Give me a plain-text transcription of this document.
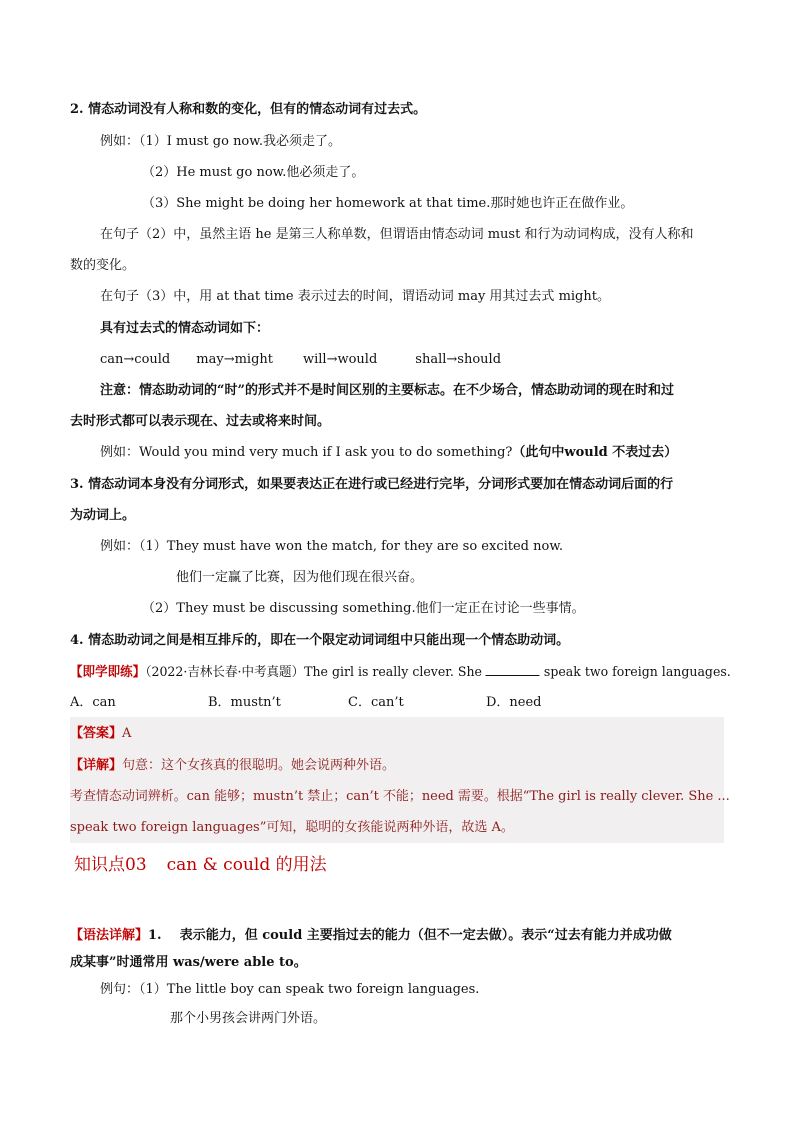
2. 情态动词没有人称和数的变化，但有的情态动词有过去式。
例如：（1）I must go now.我必须走了。
（2）He must go now.他必须走了。
（3）She might be doing her homework at that time.那时她也许正在做作业。
在句子（2）中，虽然主语 he 是第三人称单数，但谓语由情态动词 must 和行为动词构成，没有人称和
数的变化。
在句子（3）中，用 at that time 表示过去的时间，谓语动词 may 用其过去式 might。
具有过去式的情态动词如下：
can→could may→might will→would	shall→should
注意：情态助动词的“时”的形式并不是时间区别的主要标志。在不少场合，情态助动词的现在时和过
去时形式都可以表示现在、过去或将来时间。
例如：Would you mind very much if I ask you to do something?（此句中would 不表过去）
3. 情态动词本身没有分词形式，如果要表达正在进行或已经进行完毕，分词形式要加在情态动词后面的行
为动词上。
例如：（1）They must have won the match, for they are so excited now.
他们一定赢了比赛，因为他们现在很兴奋。
（2）They must be discussing something.他们一定正在讨论一些事情。
4. 情态助动词之间是相互排斥的，即在一个限定动词词组中只能出现一个情态助动词。
【即学即练】（2022·吉林长春·中考真题）The girl is really clever. She	speak two foreign languages.
A．can	B．mustn’t	C．can’t	D．need
【答案】A
【详解】句意：这个女孩真的很聪明。她会说两种外语。
考查情态动词辨析。can 能够；mustn’t 禁止；can’t 不能；need 需要。根据“The girl is really clever. She ...
speak two foreign languages”可知，聪明的女孩能说两种外语，故选 A。
知识点03 can & could 的用法
【语法详解】1.    表示能力，但 could 主要指过去的能力（但不一定去做）。表示“过去有能力并成功做
成某事”时通常用 was/were able to。
例句：（1）The little boy can speak two foreign languages.
那个小男孩会讲两门外语。
